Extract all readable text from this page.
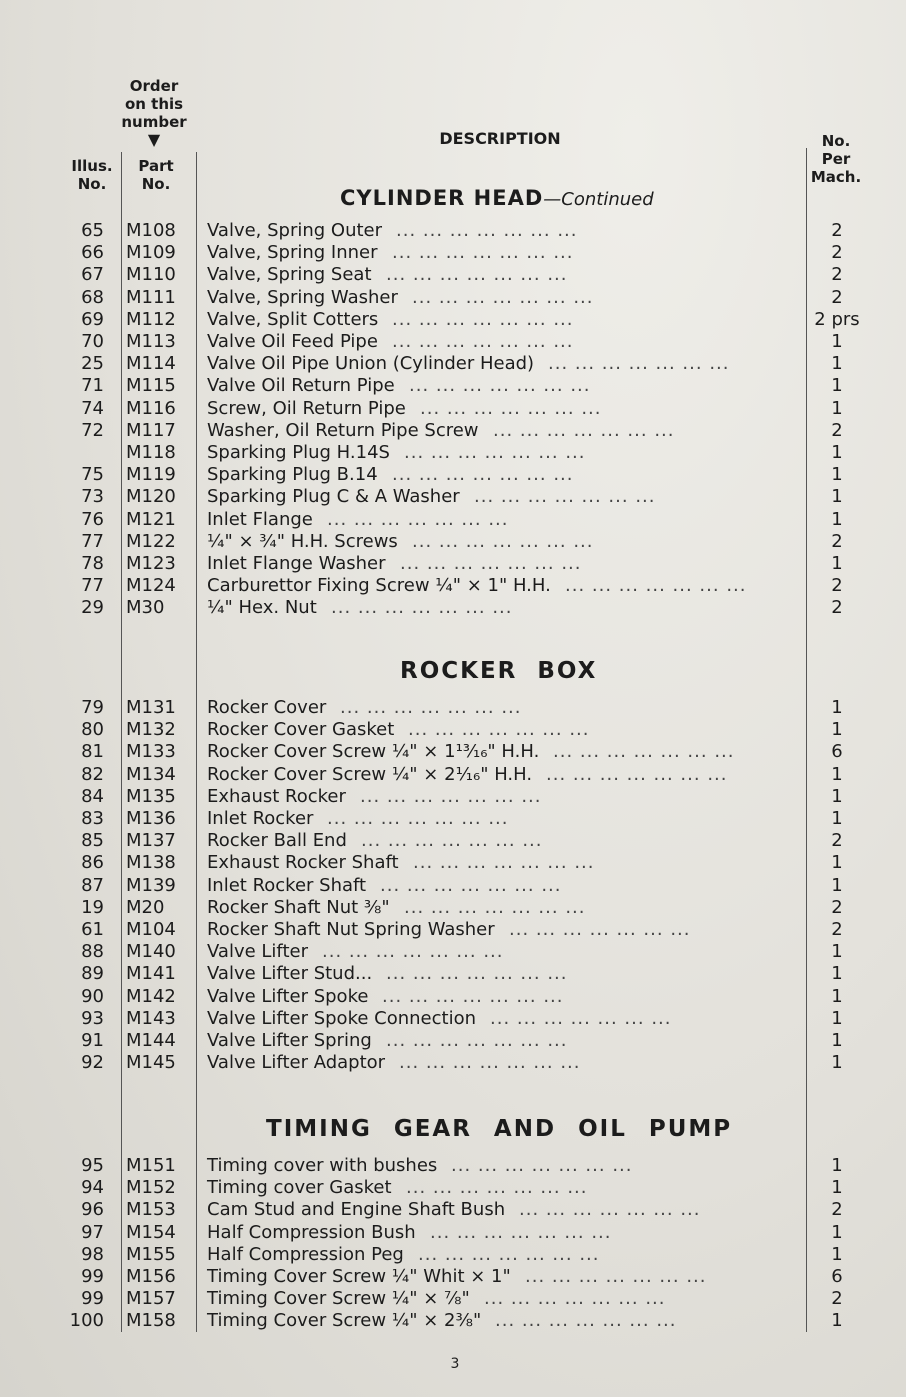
Order
on this
number
▼
Illus.
No.
Part
No.
DESCRIPTION	No.
Per
Mach.
CYLINDER HEAD—Continued
ROCKER BOX
TIMING GEAR AND OIL PUMP
65 M108 Valve, Spring Outer	2
... ... ... ... ... ... ...
66 M109 Valve, Spring Inner	2
... ... ... ... ... ... ...
67 M110 Valve, Spring Seat	2
... ... ... ... ... ... ...
68 M111 Valve, Spring Washer	2
... ... ... ... ... ... ...
69 M112 Valve, Split Cotters	2 prs
... ... ... ... ... ... ...
70 M113 Valve Oil Feed Pipe	1
... ... ... ... ... ... ...
25 M114 Valve Oil Pipe Union (Cylinder Head)	1
... ... ... ... ... ... ...
71 M115 Valve Oil Return Pipe	1
... ... ... ... ... ... ...
74 M116 Screw, Oil Return Pipe	1
... ... ... ... ... ... ...
72 M117 Washer, Oil Return Pipe Screw	2
... ... ... ... ... ... ...
M118 Sparking Plug H.14S	1
... ... ... ... ... ... ...
75 M119 Sparking Plug B.14	1
... ... ... ... ... ... ...
73 M120 Sparking Plug C & A Washer	1
... ... ... ... ... ... ...
76 M121 Inlet Flange	1
... ... ... ... ... ... ...
77 M122 ¼" × ¾" H.H. Screws	2
... ... ... ... ... ... ...
78 M123 Inlet Flange Washer	1
... ... ... ... ... ... ...
77 M124 Carburettor Fixing Screw ¼" × 1" H.H.	2
... ... ... ... ... ... ...
29 M30 ¼" Hex. Nut	2
... ... ... ... ... ... ...
79 M131 Rocker Cover	1
... ... ... ... ... ... ...
80 M132 Rocker Cover Gasket	1
... ... ... ... ... ... ...
81 M133 Rocker Cover Screw ¼" × 1¹³⁄₁₆" H.H.	6
... ... ... ... ... ... ...
82 M134 Rocker Cover Screw ¼" × 2¹⁄₁₆" H.H.	1
... ... ... ... ... ... ...
84 M135 Exhaust Rocker	1
... ... ... ... ... ... ...
83 M136 Inlet Rocker	1
... ... ... ... ... ... ...
85 M137 Rocker Ball End	2
... ... ... ... ... ... ...
86 M138 Exhaust Rocker Shaft	1
... ... ... ... ... ... ...
87 M139 Inlet Rocker Shaft	1
... ... ... ... ... ... ...
19 M20 Rocker Shaft Nut ⅜"	2
... ... ... ... ... ... ...
61 M104 Rocker Shaft Nut Spring Washer	2
... ... ... ... ... ... ...
88 M140 Valve Lifter	1
... ... ... ... ... ... ...
89 M141 Valve Lifter Stud...	1
... ... ... ... ... ... ...
90 M142 Valve Lifter Spoke	1
... ... ... ... ... ... ...
93 M143 Valve Lifter Spoke Connection	1
... ... ... ... ... ... ...
91 M144 Valve Lifter Spring	1
... ... ... ... ... ... ...
92 M145 Valve Lifter Adaptor	1
... ... ... ... ... ... ...
95 M151 Timing cover with bushes	1
... ... ... ... ... ... ...
94 M152 Timing cover Gasket	1
... ... ... ... ... ... ...
96 M153 Cam Stud and Engine Shaft Bush	2
... ... ... ... ... ... ...
97 M154 Half Compression Bush	1
... ... ... ... ... ... ...
98 M155 Half Compression Peg	1
... ... ... ... ... ... ...
99 M156 Timing Cover Screw ¼" Whit × 1"	6
... ... ... ... ... ... ...
99 M157 Timing Cover Screw ¼" × ⅞"	2
... ... ... ... ... ... ...
100 M158 Timing Cover Screw ¼" × 2⅜"	1
... ... ... ... ... ... ...
3
